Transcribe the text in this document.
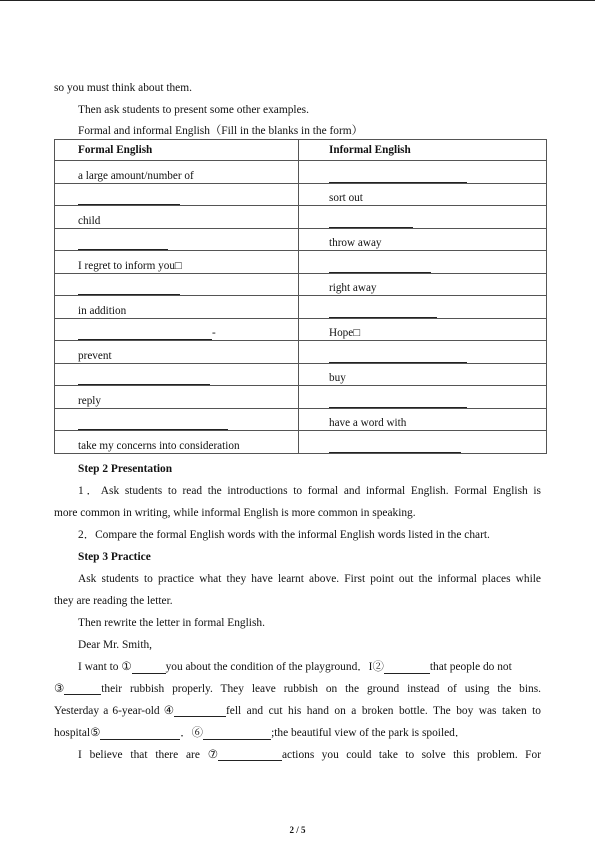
so you must think about them.
Then ask students to present some other examples.
Formal and informal English（Fill in the blanks in the form）
Formal English	Informal English
a large amount/number of	
	sort out
child	
	throw away
I regret to inform you□	
	right away
in addition	
-	Hope□
prevent	
	buy
reply	
	have a word with
take my concerns into consideration	
Step 2 Presentation
1．Ask students to read the introductions to formal and informal English. Formal English is
more common in writing, while informal English is more common in speaking.
2．Compare the formal English words with the informal English words listed in the chart.
Step 3 Practice
Ask students to practice what they have learnt above. First point out the informal places while
they are reading the letter.
Then rewrite the letter in formal English.
Dear Mr. Smith,
I want to ①	you about the condition of the playground．I②	that people do not
③	their rubbish properly. They leave rubbish on the ground instead of using the bins.
Yesterday a 6-year-old ④	fell and cut his hand on a broken bottle. The boy was taken to
hospital⑤	．⑥	;the beautiful view of the park is spoiled．
I believe that there are ⑦	actions you could take to solve this problem. For
2 / 5
